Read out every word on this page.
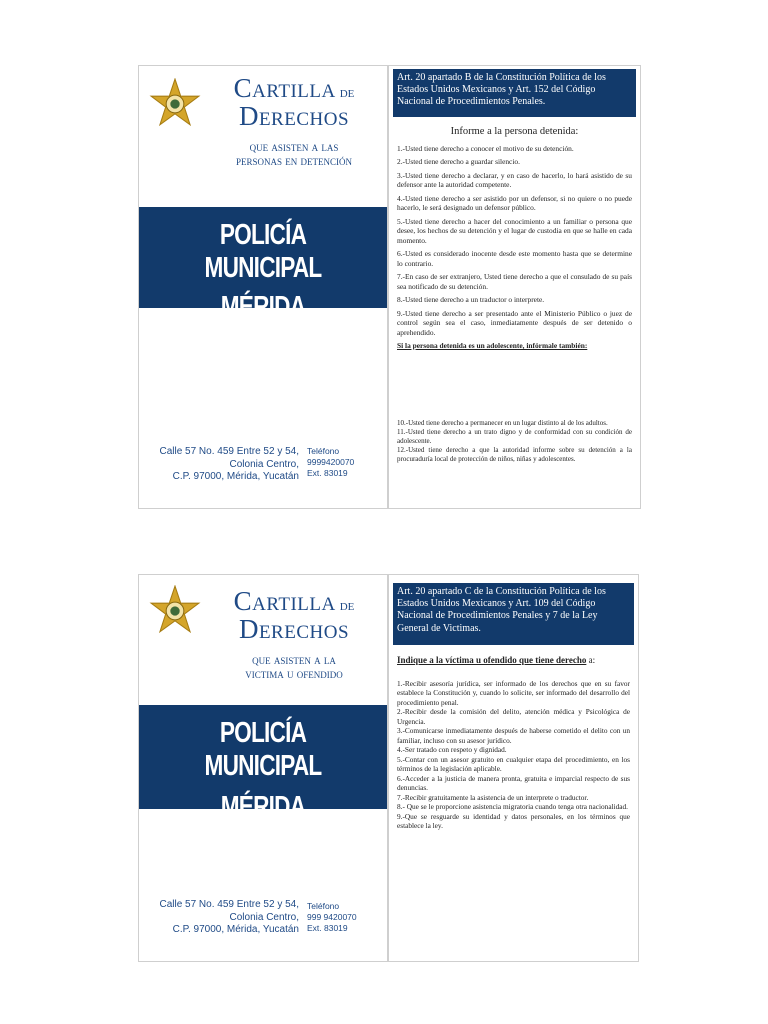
Cartilla de
Derechos
que asisten a las
personas en detención
POLICÍA MUNICIPAL
MÉRIDA
Calle 57 No. 459 Entre 52 y 54,
Colonia Centro,
C.P. 97000, Mérida, Yucatán
Teléfono
9999420070
Ext. 83019
Art. 20 apartado B de la Constitución Política de los Estados Unidos Mexicanos y Art. 152 del Código Nacional de Procedimientos Penales.
Informe a la persona detenida:

1.-Usted tiene derecho a conocer el motivo de su detención.

2.-Usted tiene derecho a guardar silencio.

3.-Usted tiene derecho a declarar, y en caso de hacerlo, lo hará asistido de su defensor ante la autoridad competente.

4.-Usted tiene derecho a ser asistido por un defensor, si no quiere o no puede hacerlo, le será designado un defensor público.

5.-Usted tiene derecho a hacer del conocimiento a un familiar o persona que desee, los hechos de su detención y el lugar de custodia en que se halle en cada momento.

6.-Usted es considerado inocente desde este momento hasta que se determine lo contrario.

7.-En caso de ser extranjero, Usted tiene derecho a que el consulado de su país sea notificado de su detención.

8.-Usted tiene derecho a un traductor o interprete.

9.-Usted tiene derecho a ser presentado ante el Ministerio Público o juez de control según sea el caso, inmediatamente después de ser detenido o aprehendido.

Si la persona detenida es un adolescente, infórmale también:

10.-Usted tiene derecho a permanecer en un lugar distinto al de los adultos.

11.-Usted tiene derecho a un trato digno y de conformidad con su condición de adolescente.

12.-Usted tiene derecho a que la autoridad informe sobre su detención a la procuraduría local de protección de niños, niñas y adolescentes.

Cartilla de
Derechos
que asisten a la
victima u ofendido
POLICÍA MUNICIPAL
MÉRIDA
Calle 57 No. 459 Entre 52 y 54,
Colonia Centro,
C.P. 97000, Mérida, Yucatán
Teléfono
999 9420070
Ext. 83019
Art. 20 apartado C de la Constitución Política de los Estados Unidos Mexicanos y Art. 109 del Código Nacional de Procedimientos Penales y 7 de la Ley General de Victimas.
Indique a la víctima u ofendido que tiene derecho a:

1.-Recibir asesoría jurídica, ser informado de los derechos que en su favor establece la Constitución y, cuando lo solicite, ser informado del desarrollo del procedimiento penal.

2.-Recibir desde la comisión del delito, atención médica y Psicológica de Urgencia.

3.-Comunicarse inmediatamente después de haberse cometido el delito con un familiar, incluso con su asesor jurídico.

4.-Ser tratado con respeto y dignidad.

5.-Contar con un asesor gratuito en cualquier etapa del procedimiento, en los términos de la legislación aplicable.

6.-Acceder a la justicia de manera pronta, gratuita e imparcial respecto de sus denuncias.

7.-Recibir gratuitamente la asistencia de un interprete o traductor.

8.- Que se le proporcione asistencia migratoria cuando tenga otra nacionalidad.

9.-Que se resguarde su identidad y datos personales, en los términos que establece la ley.
